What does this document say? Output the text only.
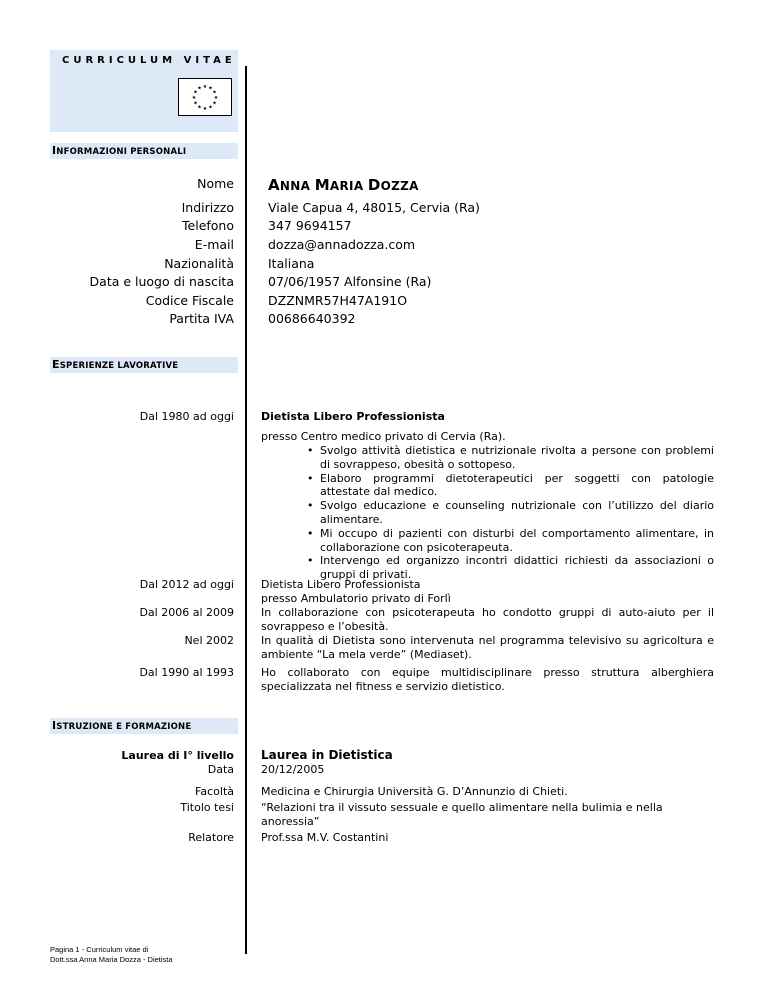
CURRICULUM VITAE
★ ★
★
★
★
★
★
★
★
★
★
★
INFORMAZIONI PERSONALI
Nome ANNA MARIA DOZZA
Indirizzo	Viale Capua 4, 48015, Cervia (Ra)
Telefono	347 9694157
E-mail	dozza@annadozza.com
Nazionalità	Italiana
Data e luogo di nascita	07/06/1957 Alfonsine (Ra)
Codice Fiscale	DZZNMR57H47A191O
Partita IVA	00686640392
ESPERIENZE LAVORATIVE
Dal 1980 ad oggi Dietista Libero Professionista
presso Centro medico privato di Cervia (Ra).
• Svolgo attività dietistica e nutrizionale rivolta a persone con problemi di sovrappeso, obesità o sottopeso.
• Elaboro programmi dietoterapeutici per soggetti con patologie attestate dal medico.
• Svolgo educazione e counseling nutrizionale con l’utilizzo del diario alimentare.
• Mi occupo di pazienti con disturbi del comportamento alimentare, in collaborazione con psicoterapeuta.
• Intervengo ed organizzo incontri didattici richiesti da associazioni o gruppi di privati.
Dal 2012 ad oggi Dietista Libero Professionista
presso Ambulatorio privato di Forlì
Dal 2006 al 2009 In collaborazione con psicoterapeuta ho condotto gruppi di auto-aiuto per il sovrappeso e l’obesità.
Nel 2002 In qualità di Dietista sono intervenuta nel programma televisivo su agricoltura e ambiente “La mela verde” (Mediaset).
Dal 1990 al 1993 Ho collaborato con equipe multidisciplinare presso struttura alberghiera specializzata nel fitness e servizio dietistico.
ISTRUZIONE E FORMAZIONE
Laurea di I° livello Laurea in Dietistica
Data 20/12/2005
Facoltà Medicina e Chirurgia Università G. D’Annunzio di Chieti.
Titolo tesi “Relazioni tra il vissuto sessuale e quello alimentare nella bulimia e nella anoressia”
Relatore Prof.ssa M.V. Costantini
Pagina 1 - Curriculum vitae di
Dott.ssa Anna Maria Dozza - Dietista
